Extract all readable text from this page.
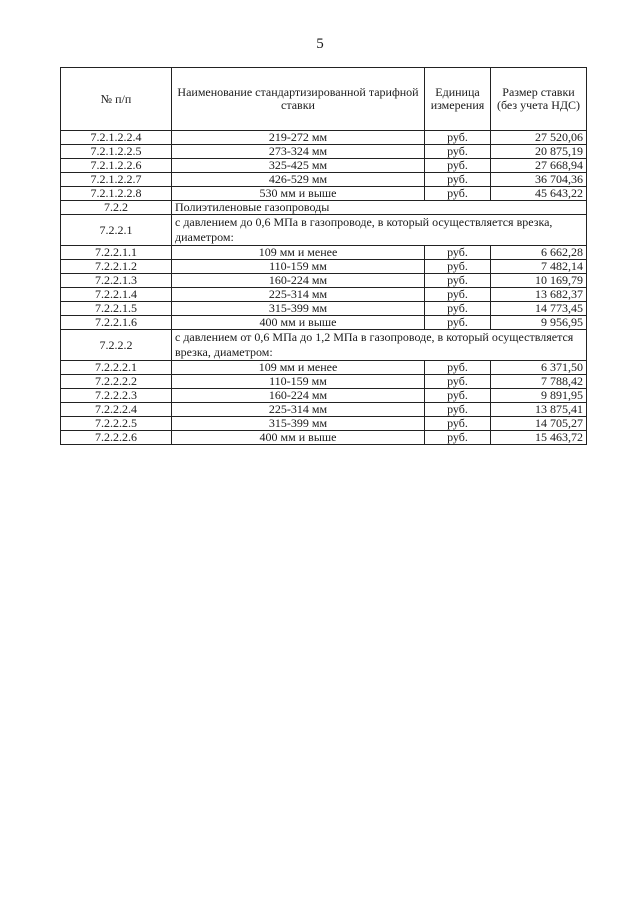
5
№ п/п	Наименование стандартизированной тарифной ставки	Единица измерения	Размер ставки (без учета НДС)
7.2.1.2.2.4	219-272 мм	руб.	27 520,06
7.2.1.2.2.5	273-324 мм	руб.	20 875,19
7.2.1.2.2.6	325-425 мм	руб.	27 668,94
7.2.1.2.2.7	426-529 мм	руб.	36 704,36
7.2.1.2.2.8	530 мм и выше	руб.	45 643,22
7.2.2	Полиэтиленовые газопроводы		
7.2.2.1	с давлением до 0,6 МПа в газопроводе, в который осуществляется врезка, диаметром:		
7.2.2.1.1	109 мм и менее	руб.	6 662,28
7.2.2.1.2	110-159 мм	руб.	7 482,14
7.2.2.1.3	160-224 мм	руб.	10 169,79
7.2.2.1.4	225-314 мм	руб.	13 682,37
7.2.2.1.5	315-399 мм	руб.	14 773,45
7.2.2.1.6	400 мм и выше	руб.	9 956,95
7.2.2.2	с давлением от 0,6 МПа до 1,2 МПа в газопроводе, в который осуществляется врезка, диаметром:		
7.2.2.2.1	109 мм и менее	руб.	6 371,50
7.2.2.2.2	110-159 мм	руб.	7 788,42
7.2.2.2.3	160-224 мм	руб.	9 891,95
7.2.2.2.4	225-314 мм	руб.	13 875,41
7.2.2.2.5	315-399 мм	руб.	14 705,27
7.2.2.2.6	400 мм и выше	руб.	15 463,72
